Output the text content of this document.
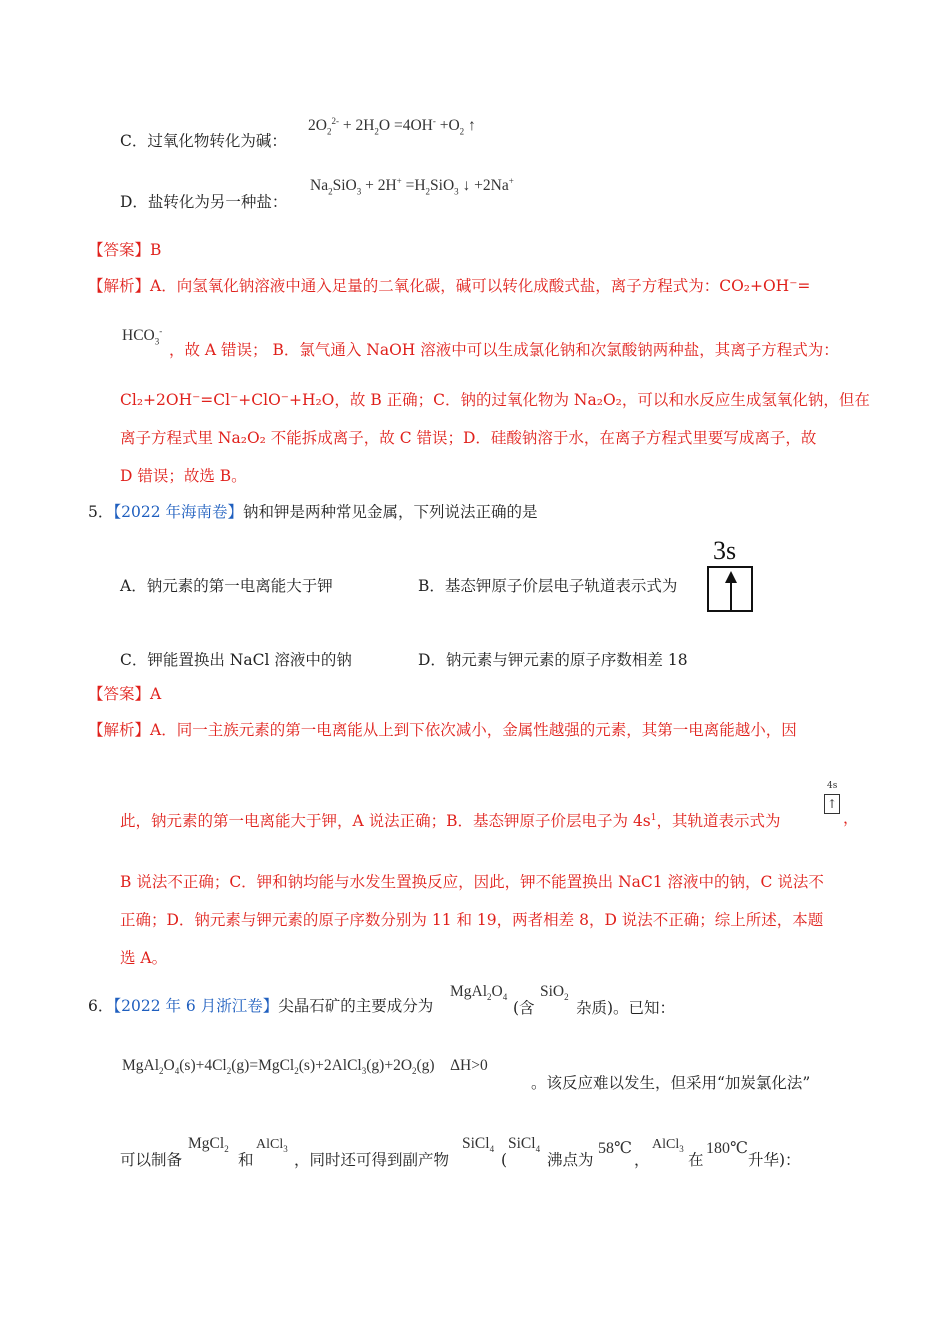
$2O_2^{2-} + 2H_2O =4OH^- +O_2$ ↑
C．过氧化物转化为碱：
$Na_2SiO_3 + 2H^+ =H_2SiO_3$ ↓ +2Na+
D．盐转化为另一种盐：
【答案】B
【解析】A．向氢氧化钠溶液中通入足量的二氧化碳，碱可以转化成酸式盐，离子方程式为：CO₂+OH⁻=
$HCO_3^-$
，故 A 错误； B．氯气通入 NaOH 溶液中可以生成氯化钠和次氯酸钠两种盐，其离子方程式为：
Cl₂+2OH⁻=Cl⁻+ClO⁻+H₂O，故 B 正确；C．钠的过氧化物为 Na₂O₂，可以和水反应生成氢氧化钠，但在
离子方程式里 Na₂O₂ 不能拆成离子，故 C 错误；D．硅酸钠溶于水，在离子方程式里要写成离子，故
D 错误；故选 B。
5．【2022 年海南卷】钠和钾是两种常见金属，下列说法正确的是
A．钠元素的第一电离能大于钾	B．基态钾原子价层电子轨道表示式为
3s
C．钾能置换出 NaCl 溶液中的钠	D．钠元素与钾元素的原子序数相差 18
【答案】A
【解析】A．同一主族元素的第一电离能从上到下依次减小，金属性越强的元素，其第一电离能越小，因
此，钠元素的第一电离能大于钾，A 说法正确；B．基态钾原子价层电子为 $4s^1$，其轨道表示式为
4s
↑
，
B 说法不正确；C．钾和钠均能与水发生置换反应，因此，钾不能置换出 NaC1 溶液中的钠，C 说法不
正确；D．钠元素与钾元素的原子序数分别为 11 和 19，两者相差 8，D 说法不正确；综上所述，本题
选 A。
6．【2022 年 6 月浙江卷】尖晶石矿的主要成分为
$MgAl_2O_4$
(含
SiO$_2$
杂质)。已知：
$MgAl_2O_4(s)+4Cl_2(g)=MgCl_2(s)+2AlCl_3(g)+2O_2(g)$    ΔH>0
。该反应难以发生，但采用“加炭氯化法”
可以制备
MgCl$_2$
和
AlCl$_3$
，同时还可得到副产物
SiCl$_4$
(
SiCl$_4$
沸点为
58℃
，
AlCl$_3$
在
180℃
升华)：
